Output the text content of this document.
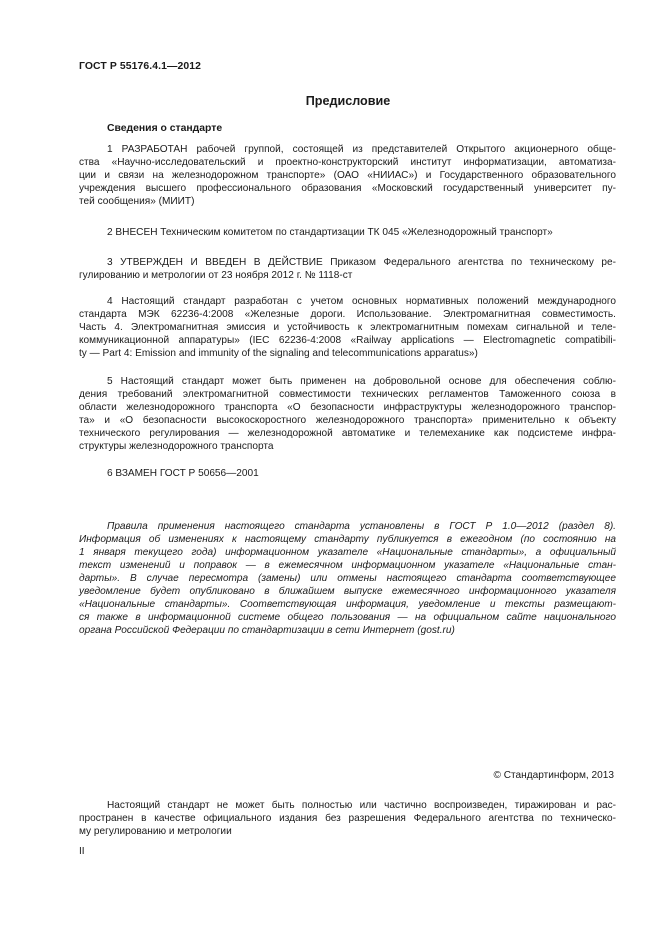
ГОСТ Р 55176.4.1—2012
Предисловие
Сведения о стандарте

1 РАЗРАБОТАН рабочей группой, состоящей из представителей Открытого акционерного обще-
ства «Научно-исследовательский и проектно-конструкторский институт информатизации, автоматиза-
ции и связи на железнодорожном транспорте» (ОАО «НИИАС») и Государственного образовательного
учреждения высшего профессионального образования «Московский государственный университет пу-
тей сообщения» (МИИТ)

2 ВНЕСЕН Техническим комитетом по стандартизации ТК 045 «Железнодорожный транспорт»

3 УТВЕРЖДЕН И ВВЕДЕН В ДЕЙСТВИЕ Приказом Федерального агентства по техническому ре-
гулированию и метрологии от 23 ноября 2012 г. № 1118-ст

4 Настоящий стандарт разработан с учетом основных нормативных положений международного
стандарта МЭК 62236-4:2008 «Железные дороги. Использование. Электромагнитная совместимость.
Часть 4. Электромагнитная эмиссия и устойчивость к электромагнитным помехам сигнальной и теле-
коммуникационной аппаратуры» (IEC 62236-4:2008 «Railway applications — Electromagnetic compatibili-
ty — Part 4: Emission and immunity of the signaling and telecommunications apparatus»)

5 Настоящий стандарт может быть применен на добровольной основе для обеспечения соблю-
дения требований электромагнитной совместимости технических регламентов Таможенного союза в
области железнодорожного транспорта «О безопасности инфраструктуры железнодорожного транспор-
та» и «О безопасности высокоскоростного железнодорожного транспорта» применительно к объекту
технического регулирования — железнодорожной автоматике и телемеханике как подсистеме инфра-
структуры железнодорожного транспорта

6 ВЗАМЕН ГОСТ Р 50656—2001

Правила применения настоящего стандарта установлены в ГОСТ Р 1.0—2012 (раздел 8).
Информация об изменениях к настоящему стандарту публикуется в ежегодном (по состоянию на
1 января текущего года) информационном указателе «Национальные стандарты», а официальный
текст изменений и поправок — в ежемесячном информационном указателе «Национальные стан-
дарты». В случае пересмотра (замены) или отмены настоящего стандарта соответствующее
уведомление будет опубликовано в ближайшем выпуске ежемесячного информационного указателя
«Национальные стандарты». Соответствующая информация, уведомление и тексты размещают-
ся также в информационной системе общего пользования — на официальном сайте национального
органа Российской Федерации по стандартизации в сети Интернет (gost.ru)

© Стандартинформ, 2013

Настоящий стандарт не может быть полностью или частично воспроизведен, тиражирован и рас-
пространен в качестве официального издания без разрешения Федерального агентства по техническо-
му регулированию и метрологии

II
